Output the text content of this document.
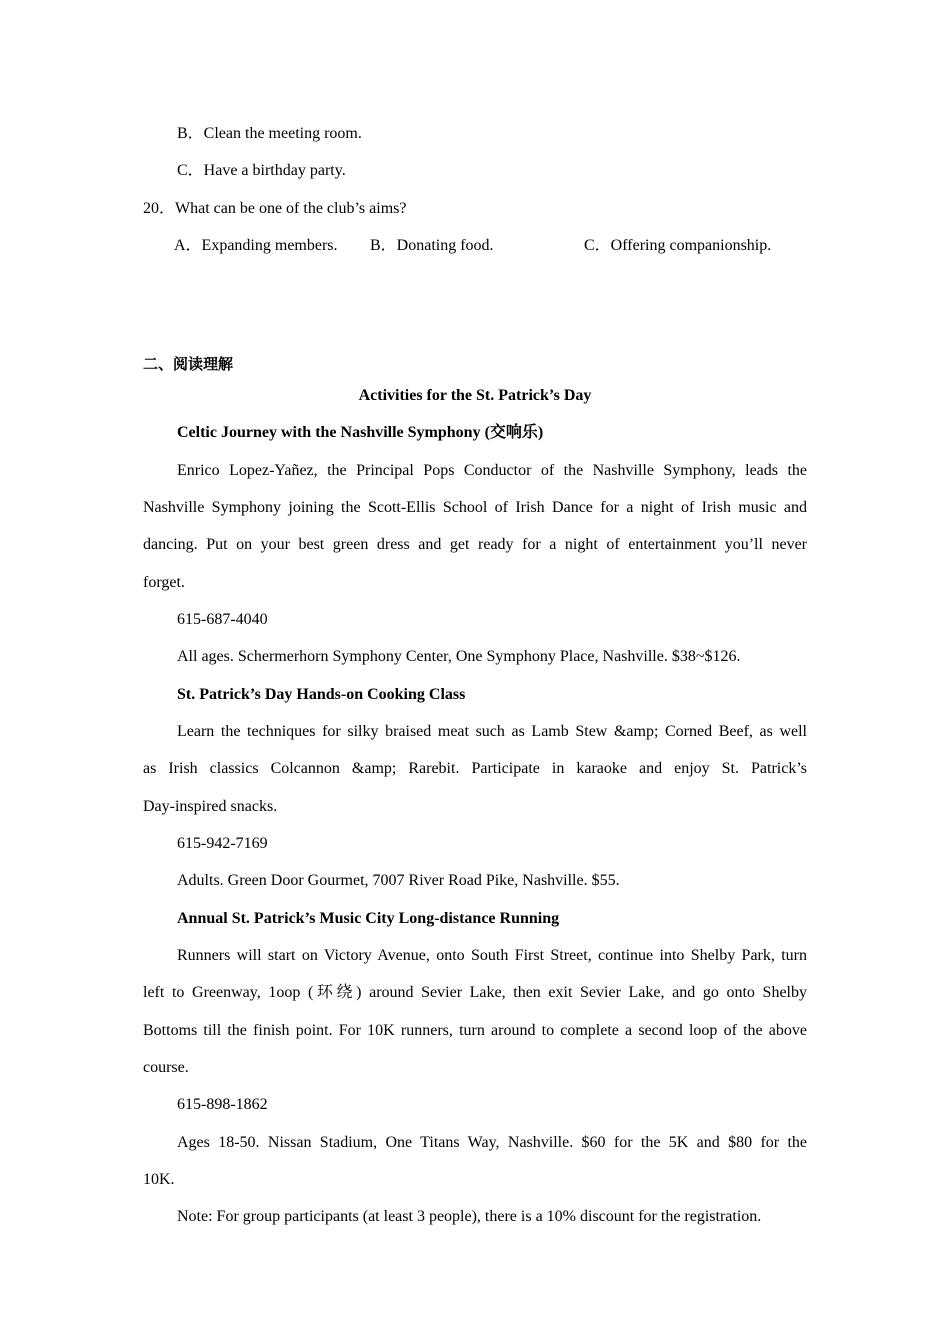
B．Clean the meeting room.
C．Have a birthday party.
20．What can be one of the club’s aims?
A．Expanding members. B．Donating food.	C．Offering companionship.
二、阅读理解
Activities for the St. Patrick’s Day
Celtic Journey with the Nashville Symphony (交响乐)
Enrico Lopez-Yañez, the Principal Pops Conductor of the Nashville Symphony, leads the
Nashville Symphony joining the Scott-Ellis School of Irish Dance for a night of Irish music and
dancing. Put on your best green dress and get ready for a night of entertainment you’ll never
forget.
615-687-4040
All ages. Schermerhorn Symphony Center, One Symphony Place, Nashville. $38~$126.
St. Patrick’s Day Hands-on Cooking Class
Learn the techniques for silky braised meat such as Lamb Stew &amp; Corned Beef, as well
as Irish classics Colcannon &amp; Rarebit. Participate in karaoke and enjoy St. Patrick’s
Day-inspired snacks.
615-942-7169
Adults. Green Door Gourmet, 7007 River Road Pike, Nashville. $55.
Annual St. Patrick’s Music City Long-distance Running
Runners will start on Victory Avenue, onto South First Street, continue into Shelby Park, turn
left to Greenway, 1oop (环绕) around Sevier Lake, then exit Sevier Lake, and go onto Shelby
Bottoms till the finish point. For 10K runners, turn around to complete a second loop of the above
course.
615-898-1862
Ages 18-50. Nissan Stadium, One Titans Way, Nashville. $60 for the 5K and $80 for the
10K.
Note: For group participants (at least 3 people), there is a 10% discount for the registration.
